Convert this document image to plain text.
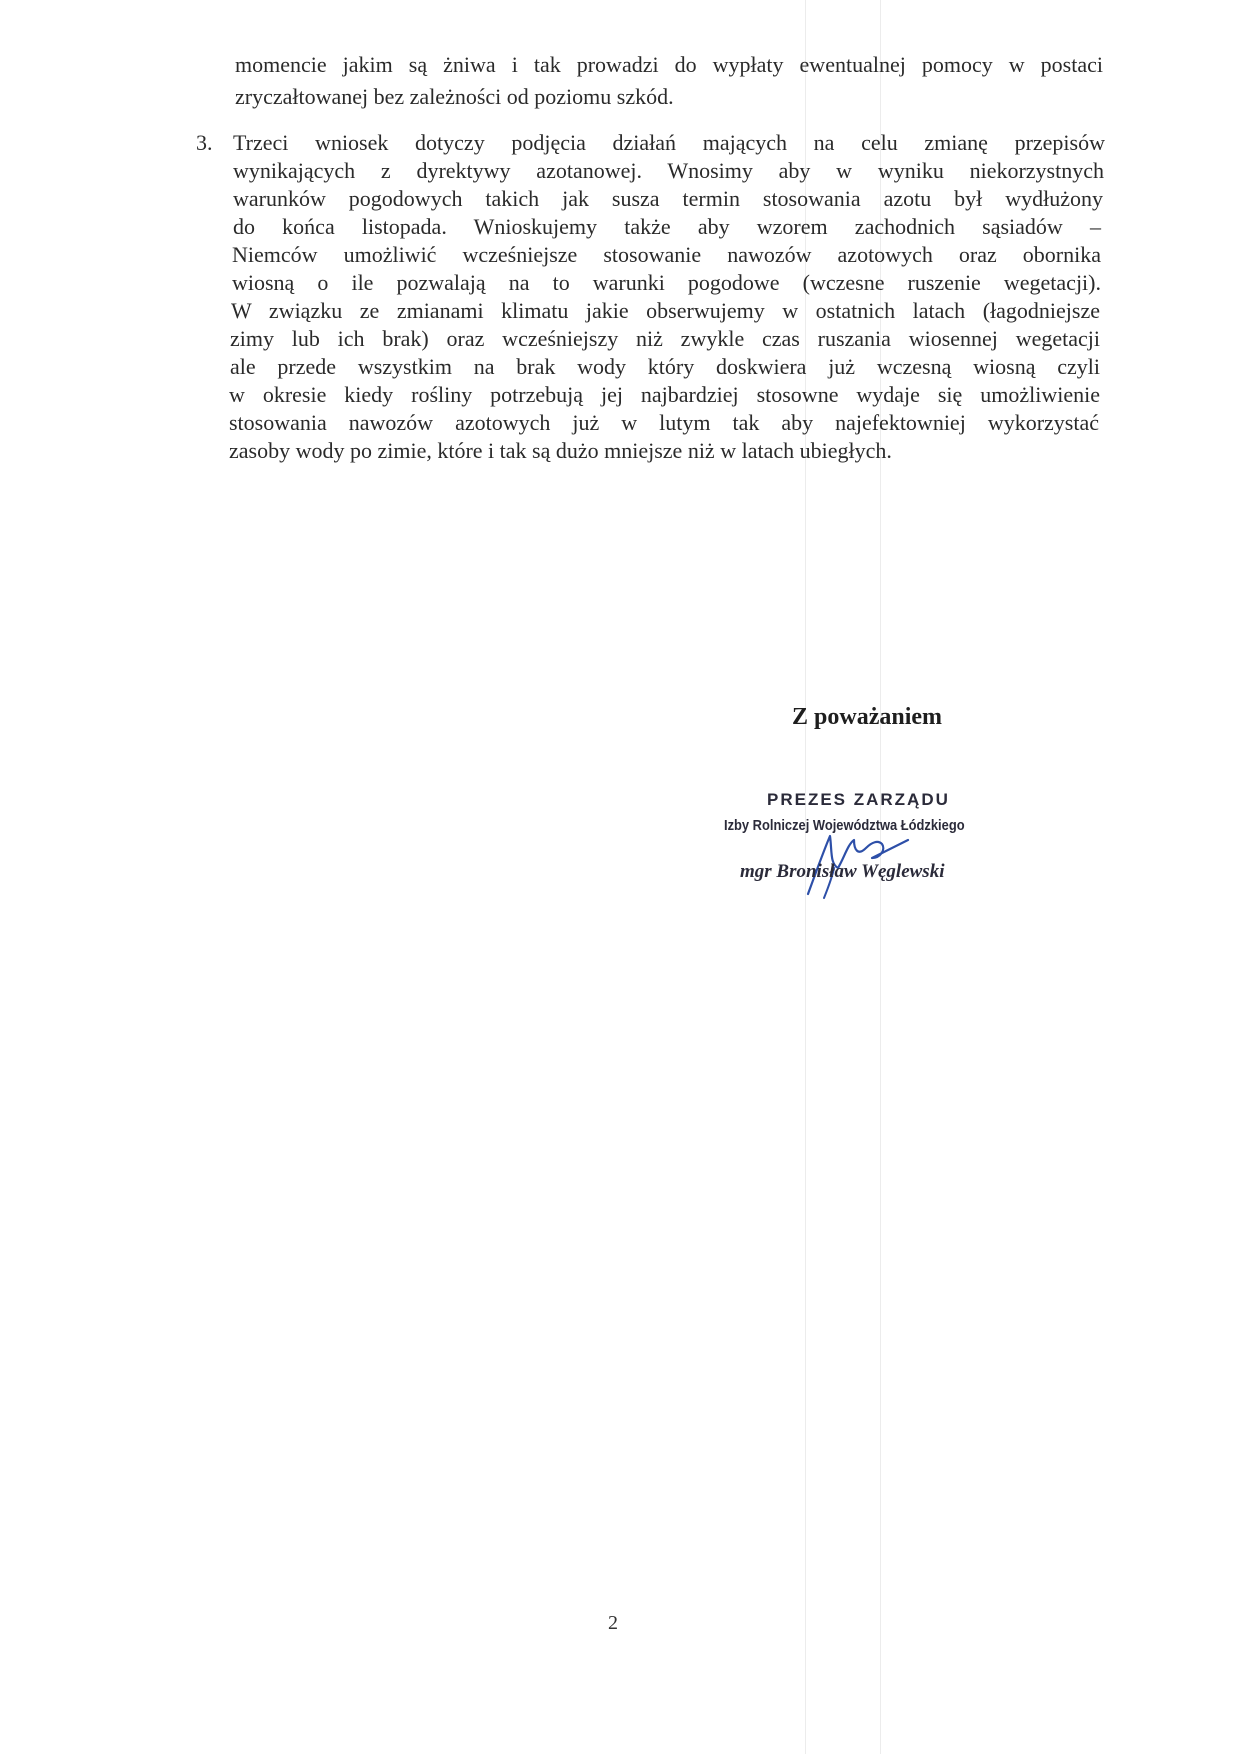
momencie jakim są żniwa i tak prowadzi do wypłaty ewentualnej pomocy w postaci
zryczałtowanej bez zależności od poziomu szkód.
3. Trzeci wniosek dotyczy podjęcia działań mających na celu zmianę przepisów
wynikających z dyrektywy azotanowej. Wnosimy aby w wyniku niekorzystnych
warunków pogodowych takich jak susza termin stosowania azotu był wydłużony
do końca listopada. Wnioskujemy także aby wzorem zachodnich sąsiadów –
Niemców umożliwić wcześniejsze stosowanie nawozów azotowych oraz obornika
wiosną o ile pozwalają na to warunki pogodowe (wczesne ruszenie wegetacji).
W związku ze zmianami klimatu jakie obserwujemy w ostatnich latach (łagodniejsze
zimy lub ich brak) oraz wcześniejszy niż zwykle czas ruszania wiosennej wegetacji
ale przede wszystkim na brak wody który doskwiera już wczesną wiosną czyli
w okresie kiedy rośliny potrzebują jej najbardziej stosowne wydaje się umożliwienie
stosowania nawozów azotowych już w lutym tak aby najefektowniej wykorzystać
zasoby wody po zimie, które i tak są dużo mniejsze niż w latach ubiegłych.
Z poważaniem
PREZES ZARZĄDU
Izby Rolniczej Województwa Łódzkiego
mgr Bronisław Węglewski
2
